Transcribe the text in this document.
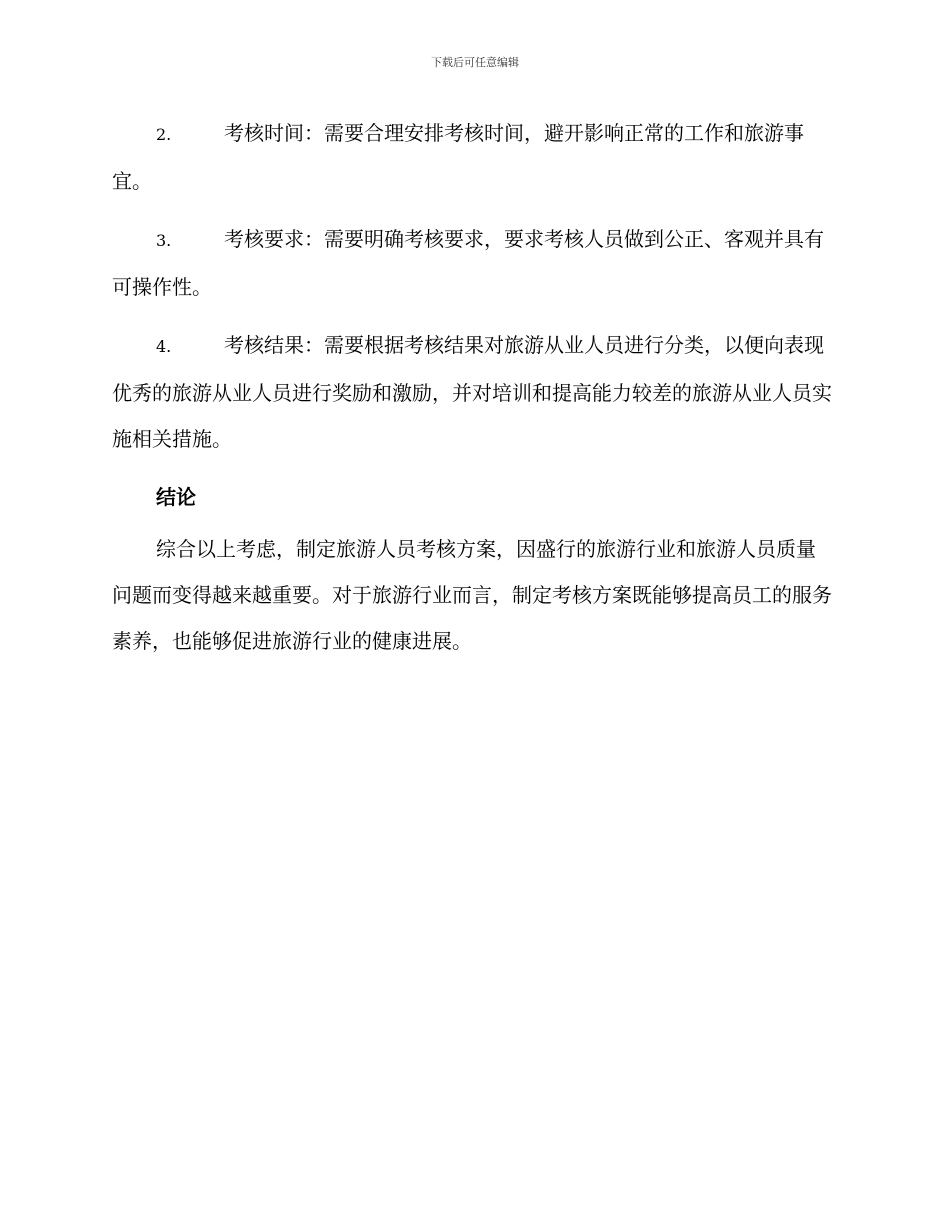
下载后可任意编辑

2.	考核时间：需要合理安排考核时间，避开影响正常的工作和旅游事宜。

3.	考核要求：需要明确考核要求，要求考核人员做到公正、客观并具有可操作性。

4.	考核结果：需要根据考核结果对旅游从业人员进行分类，以便向表现优秀的旅游从业人员进行奖励和激励，并对培训和提高能力较差的旅游从业人员实施相关措施。

结论

综合以上考虑，制定旅游人员考核方案，因盛行的旅游行业和旅游人员质量问题而变得越来越重要。对于旅游行业而言，制定考核方案既能够提高员工的服务素养，也能够促进旅游行业的健康进展。
